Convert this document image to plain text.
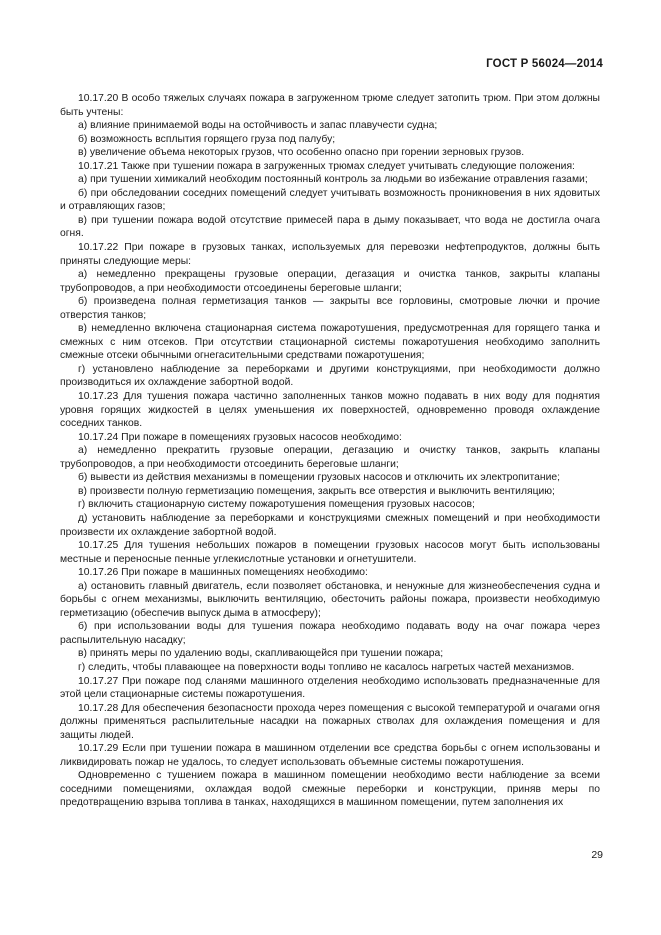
ГОСТ Р 56024—2014

10.17.20 В особо тяжелых случаях пожара в загруженном трюме следует затопить трюм. При этом должны быть учтены:

а) влияние принимаемой воды на остойчивость и запас плавучести судна;

б) возможность всплытия горящего груза под палубу;

в) увеличение объема некоторых грузов, что особенно опасно при горении зерновых грузов.

10.17.21 Также при тушении пожара в загруженных трюмах следует учитывать следующие положения:

а) при тушении химикалий необходим постоянный контроль за людьми во избежание отравления газами;

б) при обследовании соседних помещений следует учитывать возможность проникновения в них ядовитых и отравляющих газов;

в) при тушении пожара водой отсутствие примесей пара в дыму показывает, что вода не достигла очага огня.

10.17.22 При пожаре в грузовых танках, используемых для перевозки нефтепродуктов, должны быть приняты следующие меры:

а) немедленно прекращены грузовые операции, дегазация и очистка танков, закрыты клапаны трубопроводов, а при необходимости отсоединены береговые шланги;

б) произведена полная герметизация танков — закрыты все горловины, смотровые лючки и прочие отверстия танков;

в) немедленно включена стационарная система пожаротушения, предусмотренная для горящего танка и смежных с ним отсеков. При отсутствии стационарной системы пожаротушения необходимо заполнить смежные отсеки обычными огнегасительными средствами пожаротушения;

г) установлено наблюдение за переборками и другими конструкциями, при необходимости должно производиться их охлаждение забортной водой.

10.17.23 Для тушения пожара частично заполненных танков можно подавать в них воду для поднятия уровня горящих жидкостей в целях уменьшения их поверхностей, одновременно проводя охлаждение соседних танков.

10.17.24 При пожаре в помещениях грузовых насосов необходимо:

а) немедленно прекратить грузовые операции, дегазацию и очистку танков, закрыть клапаны трубопроводов, а при необходимости отсоединить береговые шланги;

б) вывести из действия механизмы в помещении грузовых насосов и отключить их электропитание;

в) произвести полную герметизацию помещения, закрыть все отверстия и выключить вентиляцию;

г) включить стационарную систему пожаротушения помещения грузовых насосов;

д) установить наблюдение за переборками и конструкциями смежных помещений и при необходимости произвести их охлаждение забортной водой.

10.17.25 Для тушения небольших пожаров в помещении грузовых насосов могут быть использованы местные и переносные пенные углекислотные установки и огнетушители.

10.17.26 При пожаре в машинных помещениях необходимо:

а) остановить главный двигатель, если позволяет обстановка, и ненужные для жизнеобеспечения судна и борьбы с огнем механизмы, выключить вентиляцию, обесточить районы пожара, произвести необходимую герметизацию (обеспечив выпуск дыма в атмосферу);

б) при использовании воды для тушения пожара необходимо подавать воду на очаг пожара через распылительную насадку;

в) принять меры по удалению воды, скапливающейся при тушении пожара;

г) следить, чтобы плавающее на поверхности воды топливо не касалось нагретых частей механизмов.

10.17.27 При пожаре под сланями машинного отделения необходимо использовать предназначенные для этой цели стационарные системы пожаротушения.

10.17.28 Для обеспечения безопасности прохода через помещения с высокой температурой и очагами огня должны применяться распылительные насадки на пожарных стволах для охлаждения помещения и для защиты людей.

10.17.29 Если при тушении пожара в машинном отделении все средства борьбы с огнем использованы и ликвидировать пожар не удалось, то следует использовать объемные системы пожаротушения.

Одновременно с тушением пожара в машинном помещении необходимо вести наблюдение за всеми соседними помещениями, охлаждая водой смежные переборки и конструкции, приняв меры по предотвращению взрыва топлива в танках, находящихся в машинном помещении, путем заполнения их

29
